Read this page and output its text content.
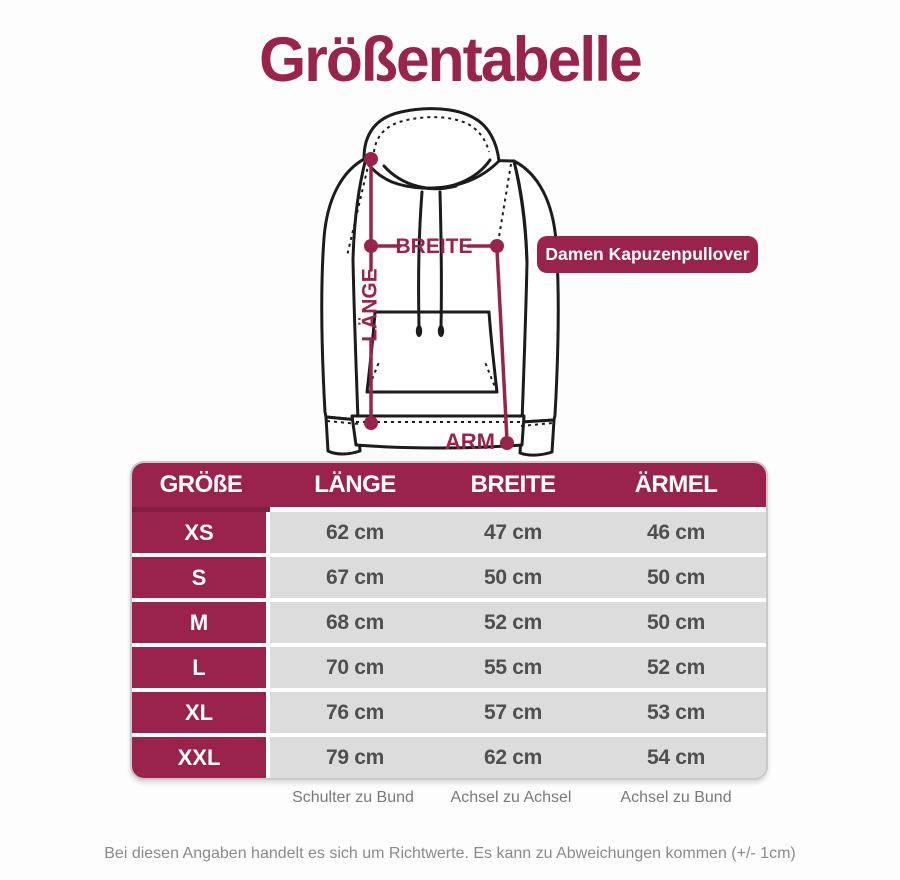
Größentabelle
LÄNGE
BREITE
ARM
Damen Kapuzenpullover
GRÖßE	LÄNGE	BREITE	ÄRMEL
XS	62 cm	47 cm	46 cm
S	67 cm	50 cm	50 cm
M	68 cm	52 cm	50 cm
L	70 cm	55 cm	52 cm
XL	76 cm	57 cm	53 cm
XXL	79 cm	62 cm	54 cm
Schulter zu Bund	Achsel zu Achsel	Achsel zu Bund
Bei diesen Angaben handelt es sich um Richtwerte. Es kann zu Abweichungen kommen (+/- 1cm)
